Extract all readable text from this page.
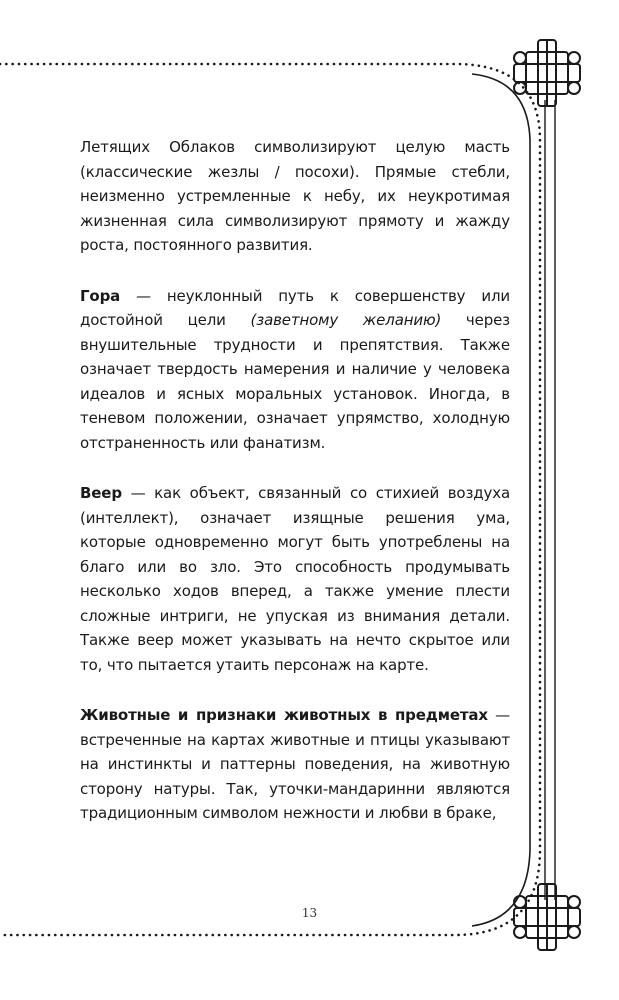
Летящих Облаков символизируют целую масть (классические жезлы / посохи). Прямые стебли, неизменно устремленные к небу, их неукротимая жизненная сила символизируют прямоту и жажду роста, постоянного развития.

Гора — неуклонный путь к совершенству или достойной цели (заветному желанию) через внушительные трудности и препятствия. Также означает твердость намерения и наличие у человека идеалов и ясных моральных установок. Иногда, в теневом положении, означает упрямство, холодную отстраненность или фанатизм.

Веер — как объект, связанный со стихией воздуха (интеллект), означает изящные решения ума, которые одновременно могут быть употреблены на благо или во зло. Это способность продумывать несколько ходов вперед, а также умение плести сложные интриги, не упуская из внимания детали. Также веер может указывать на нечто скрытое или то, что пытается утаить персонаж на карте.

Животные и признаки животных в предметах — встреченные на картах животные и птицы указывают на инстинкты и паттерны поведения, на животную сторону натуры. Так, уточки-мандаринни являются традиционным символом нежности и любви в браке,

13
